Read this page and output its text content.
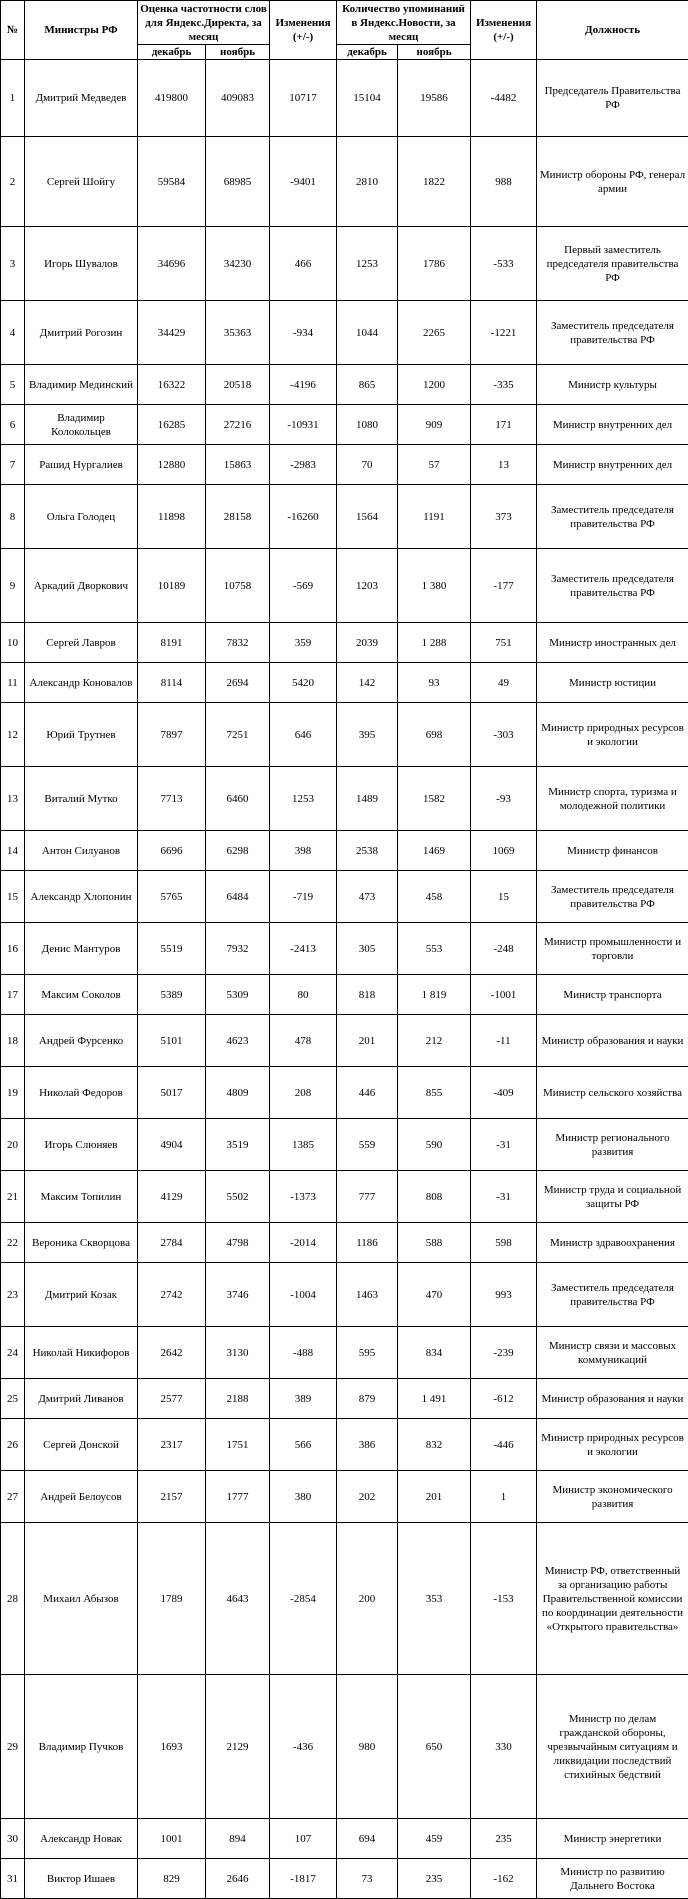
№	Министры РФ	Оценка частотности слов для Яндекс.Директа, за месяц		Изменения (+/-)	Количество упоминаний в Яндекс.Новости, за месяц		Изменения (+/-)	Должность
		декабрь	ноябрь		декабрь	ноябрь		
1	Дмитрий Медведев	419800	409083	10717	15104	19586	-4482	Председатель Правительства РФ
2	Сергей Шойгу	59584	68985	-9401	2810	1822	988	Министр обороны РФ, генерал армии
3	Игорь Шувалов	34696	34230	466	1253	1786	-533	Первый заместитель председателя правительства РФ
4	Дмитрий Рогозин	34429	35363	-934	1044	2265	-1221	Заместитель председателя правительства РФ
5	Владимир Мединский	16322	20518	-4196	865	1200	-335	Министр культуры
6	Владимир Колокольцев	16285	27216	-10931	1080	909	171	Министр внутренних дел
7	Рашид Нургалиев	12880	15863	-2983	70	57	13	Министр внутренних дел
8	Ольга Голодец	11898	28158	-16260	1564	1191	373	Заместитель председателя правительства РФ
9	Аркадий Дворкович	10189	10758	-569	1203	1 380	-177	Заместитель председателя правительства РФ
10	Сергей Лавров	8191	7832	359	2039	1 288	751	Министр иностранных дел
11	Александр Коновалов	8114	2694	5420	142	93	49	Министр юстиции
12	Юрий Трутнев	7897	7251	646	395	698	-303	Министр природных ресурсов и экологии
13	Виталий Мутко	7713	6460	1253	1489	1582	-93	Министр спорта, туризма и молодежной политики
14	Антон Силуанов	6696	6298	398	2538	1469	1069	Министр финансов
15	Александр Хлопонин	5765	6484	-719	473	458	15	Заместитель председателя правительства РФ
16	Денис Мантуров	5519	7932	-2413	305	553	-248	Министр промышленности и торговли
17	Максим Соколов	5389	5309	80	818	1 819	-1001	Министр транспорта
18	Андрей Фурсенко	5101	4623	478	201	212	-11	Министр образования и науки
19	Николай Федоров	5017	4809	208	446	855	-409	Министр сельского хозяйства
20	Игорь Слюняев	4904	3519	1385	559	590	-31	Министр регионального развития
21	Максим Топилин	4129	5502	-1373	777	808	-31	Министр труда и социальной защиты РФ
22	Вероника Скворцова	2784	4798	-2014	1186	588	598	Министр здравоохранения
23	Дмитрий Козак	2742	3746	-1004	1463	470	993	Заместитель председателя правительства РФ
24	Николай Никифоров	2642	3130	-488	595	834	-239	Министр связи и массовых коммуникаций
25	Дмитрий Ливанов	2577	2188	389	879	1 491	-612	Министр образования и науки
26	Сергей Донской	2317	1751	566	386	832	-446	Министр природных ресурсов и экологии
27	Андрей Белоусов	2157	1777	380	202	201	1	Министр экономического развития
28	Михаил Абызов	1789	4643	-2854	200	353	-153	Министр РФ, ответственный за организацию работы Правительственной комиссии по координации деятельности «Открытого правительства»
29	Владимир Пучков	1693	2129	-436	980	650	330	Министр по делам гражданской обороны, чрезвычайным ситуациям и ликвидации последствий стихийных бедствий
30	Александр Новак	1001	894	107	694	459	235	Министр энергетики
31	Виктор Ишаев	829	2646	-1817	73	235	-162	Министр по развитию Дальнего Востока
